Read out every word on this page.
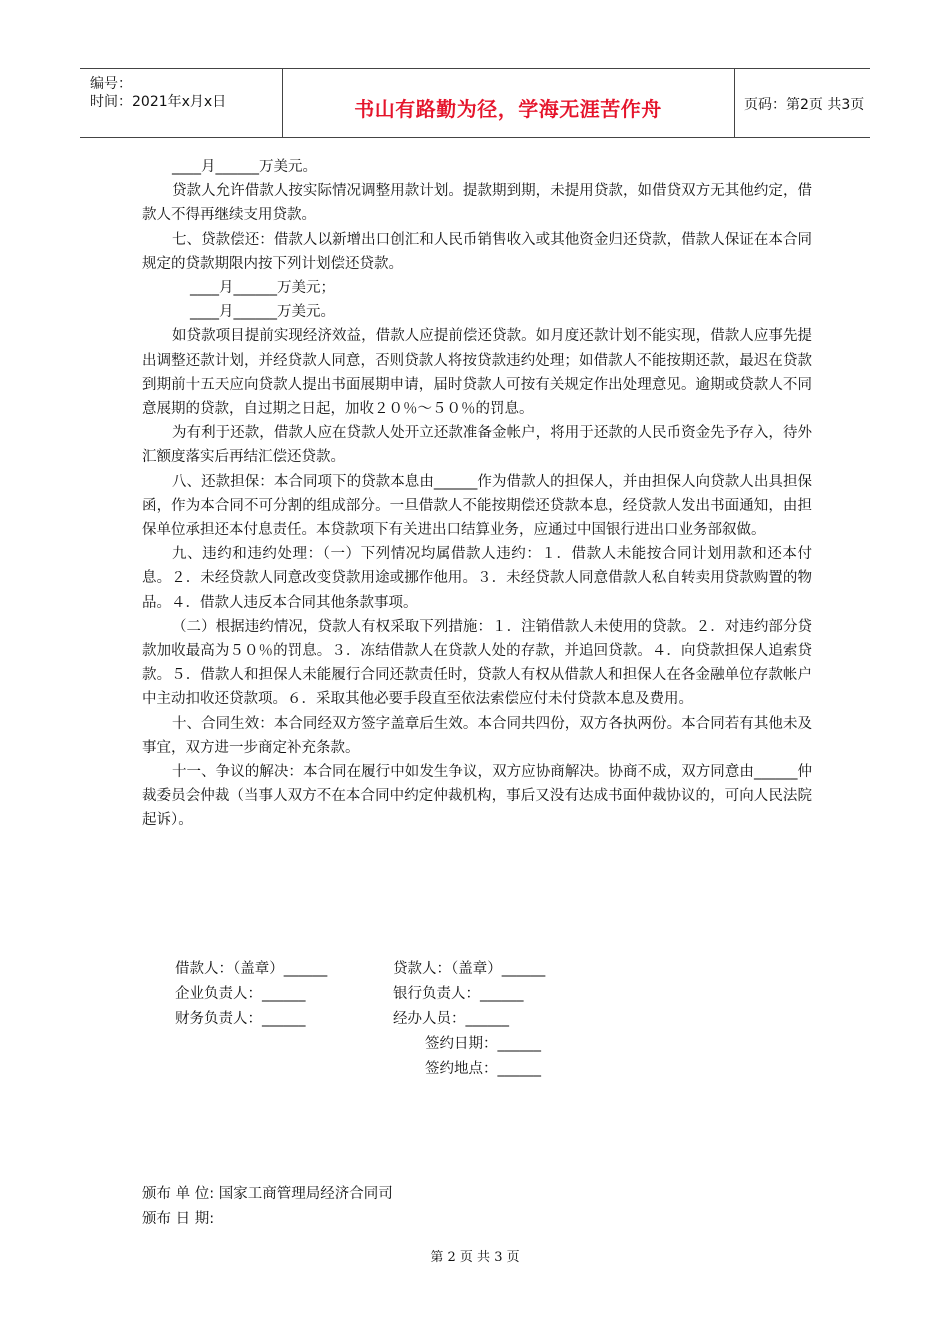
编号：
时间：2021年x月x日	书山有路勤为径，学海无涯苦作舟	页码：第2页 共3页

____月______万美元。

贷款人允许借款人按实际情况调整用款计划。提款期到期，未提用贷款，如借贷双方无其他约定，借款人不得再继续支用贷款。

七、贷款偿还：借款人以新增出口创汇和人民币销售收入或其他资金归还贷款，借款人保证在本合同规定的贷款期限内按下列计划偿还贷款。

____月______万美元；

____月______万美元。

如贷款项目提前实现经济效益，借款人应提前偿还贷款。如月度还款计划不能实现，借款人应事先提出调整还款计划，并经贷款人同意，否则贷款人将按贷款违约处理；如借款人不能按期还款，最迟在贷款到期前十五天应向贷款人提出书面展期申请，届时贷款人可按有关规定作出处理意见。逾期或贷款人不同意展期的贷款，自过期之日起，加收２０％～５０％的罚息。

为有利于还款，借款人应在贷款人处开立还款准备金帐户，将用于还款的人民币资金先予存入，待外汇额度落实后再结汇偿还贷款。

八、还款担保：本合同项下的贷款本息由______作为借款人的担保人，并由担保人向贷款人出具担保函，作为本合同不可分割的组成部分。一旦借款人不能按期偿还贷款本息，经贷款人发出书面通知，由担保单位承担还本付息责任。本贷款项下有关进出口结算业务，应通过中国银行进出口业务部叙做。

九、违约和违约处理：（一）下列情况均属借款人违约：１．借款人未能按合同计划用款和还本付息。２．未经贷款人同意改变贷款用途或挪作他用。３．未经贷款人同意借款人私自转卖用贷款购置的物品。４．借款人违反本合同其他条款事项。

（二）根据违约情况，贷款人有权采取下列措施：１．注销借款人未使用的贷款。２．对违约部分贷款加收最高为５０％的罚息。３．冻结借款人在贷款人处的存款，并追回贷款。４．向贷款担保人追索贷款。５．借款人和担保人未能履行合同还款责任时，贷款人有权从借款人和担保人在各金融单位存款帐户中主动扣收还贷款项。６．采取其他必要手段直至依法索偿应付未付贷款本息及费用。

十、合同生效：本合同经双方签字盖章后生效。本合同共四份，双方各执两份。本合同若有其他未及事宜，双方进一步商定补充条款。

十一、争议的解决：本合同在履行中如发生争议，双方应协商解决。协商不成，双方同意由______仲裁委员会仲裁（当事人双方不在本合同中约定仲裁机构，事后又没有达成书面仲裁协议的，可向人民法院起诉）。

借款人：（盖章）______	贷款人：（盖章）______
企业负责人：______	银行负责人：______
财务负责人：______	经办人员：______
签约日期：______
签约地点：______
颁布 单 位: 国家工商管理局经济合同司
颁布 日 期:
第 2 页 共 3 页
